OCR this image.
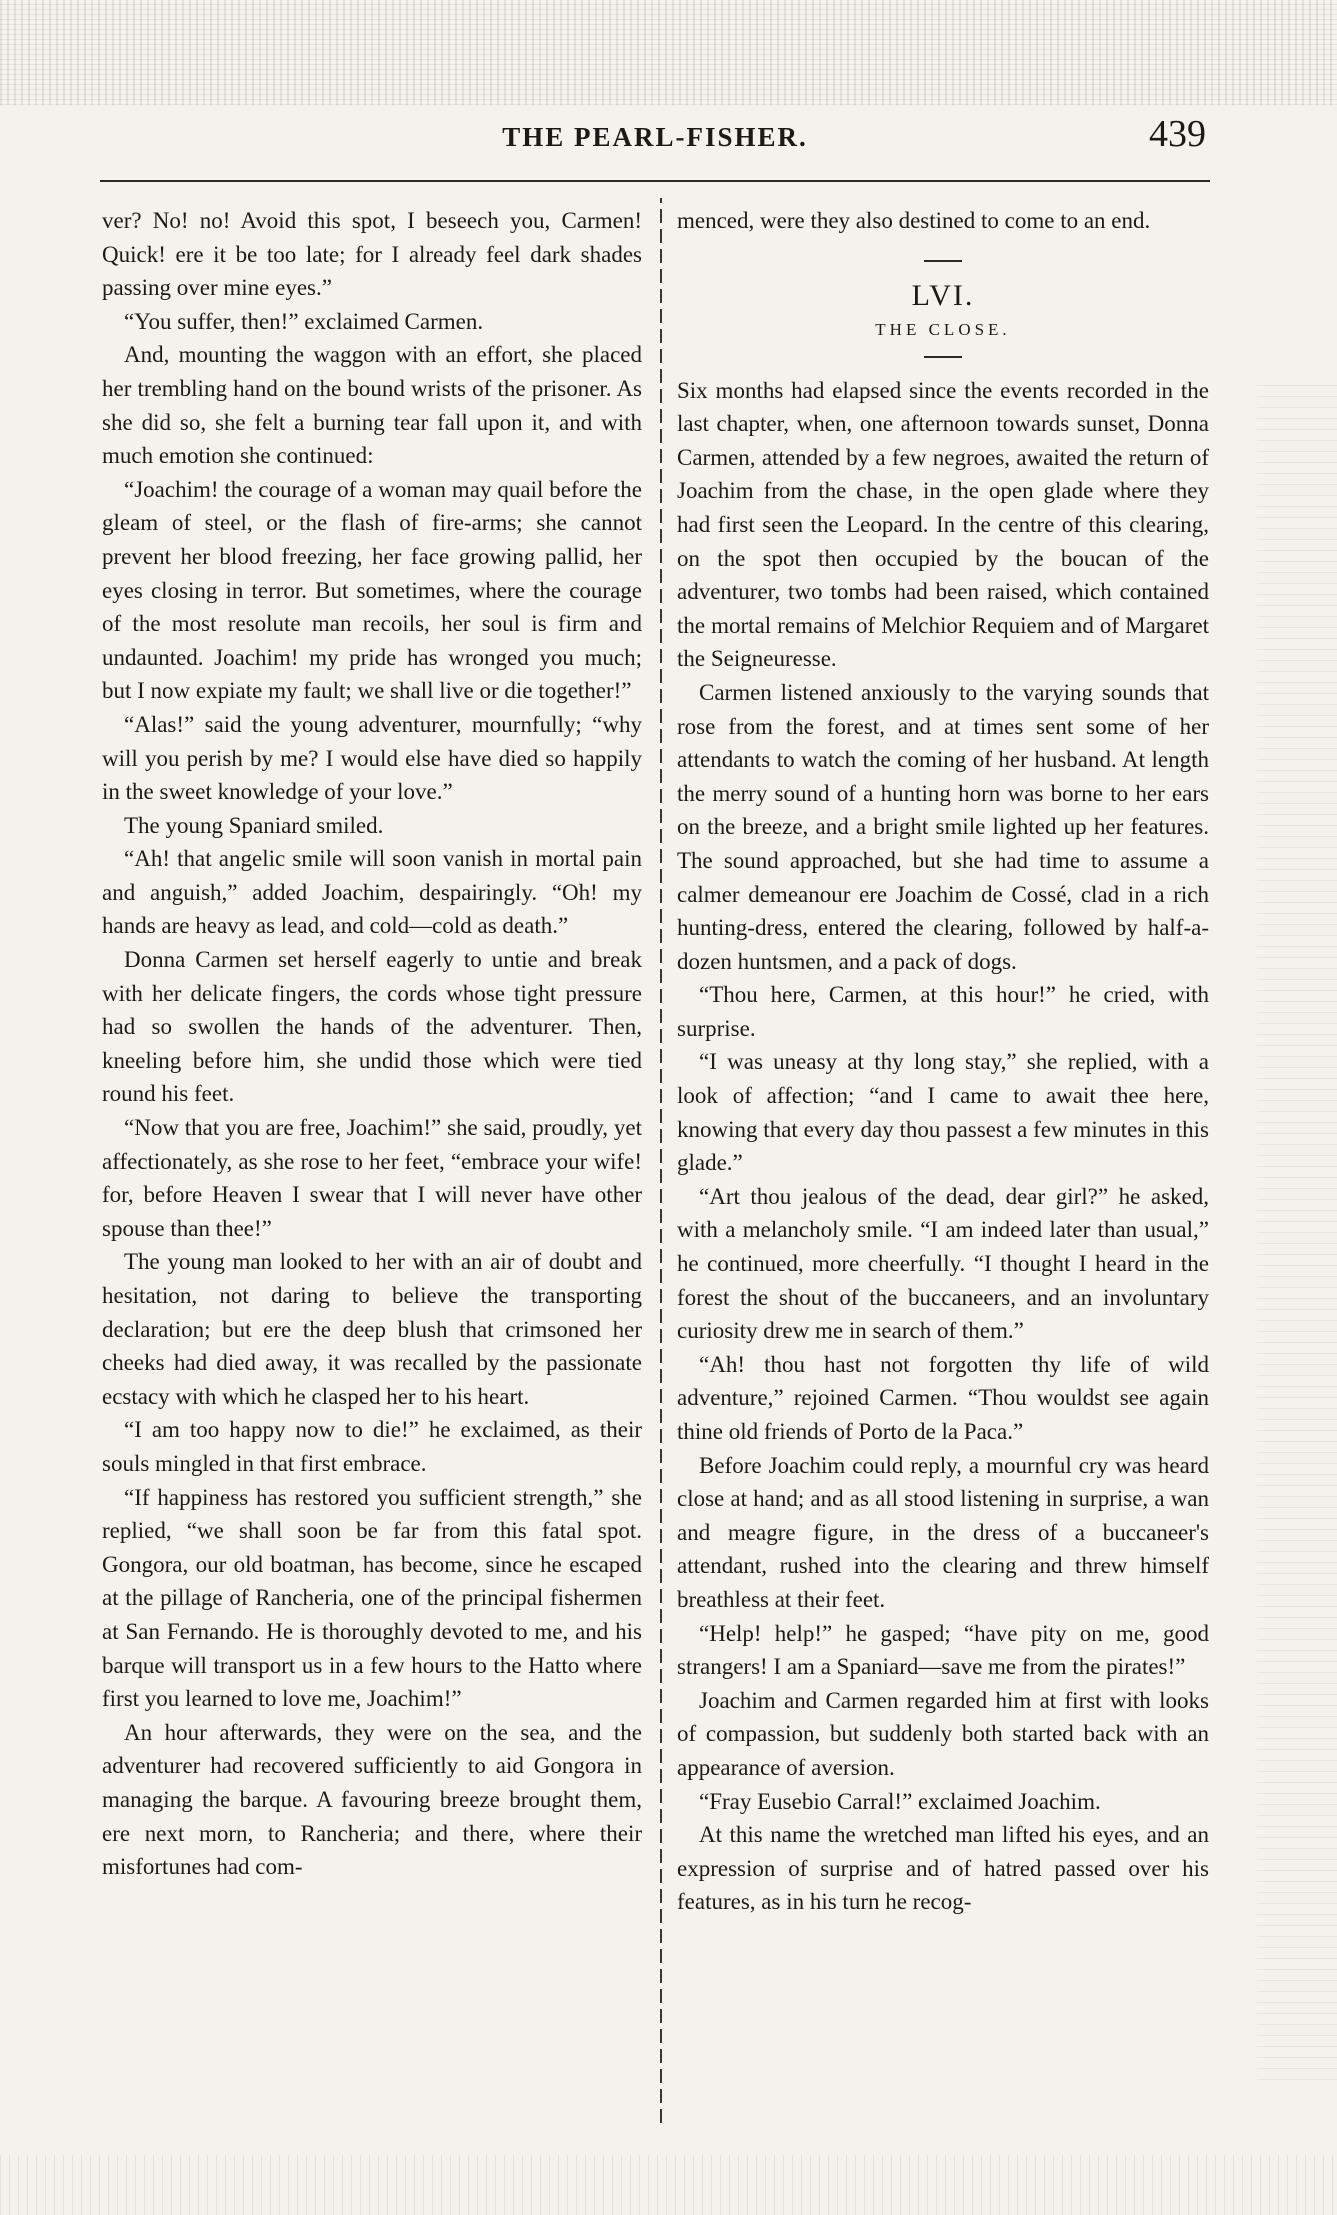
THE PEARL-FISHER.	439

ver? No! no! Avoid this spot, I beseech you, Carmen! Quick! ere it be too late; for I already feel dark shades passing over mine eyes.”

“You suffer, then!” exclaimed Carmen.

And, mounting the waggon with an effort, she placed her trembling hand on the bound wrists of the prisoner. As she did so, she felt a burning tear fall upon it, and with much emotion she continued:

“Joachim! the courage of a woman may quail before the gleam of steel, or the flash of fire-arms; she cannot prevent her blood freezing, her face growing pallid, her eyes closing in terror. But sometimes, where the courage of the most resolute man recoils, her soul is firm and undaunted. Joachim! my pride has wronged you much; but I now expiate my fault; we shall live or die together!”

“Alas!” said the young adventurer, mournfully; “why will you perish by me? I would else have died so happily in the sweet knowledge of your love.”

The young Spaniard smiled.

“Ah! that angelic smile will soon vanish in mortal pain and anguish,” added Joachim, despairingly. “Oh! my hands are heavy as lead, and cold—cold as death.”

Donna Carmen set herself eagerly to untie and break with her delicate fingers, the cords whose tight pressure had so swollen the hands of the adventurer. Then, kneeling before him, she undid those which were tied round his feet.

“Now that you are free, Joachim!” she said, proudly, yet affectionately, as she rose to her feet, “embrace your wife! for, before Heaven I swear that I will never have other spouse than thee!”

The young man looked to her with an air of doubt and hesitation, not daring to believe the transporting declaration; but ere the deep blush that crimsoned her cheeks had died away, it was recalled by the passionate ecstacy with which he clasped her to his heart.

“I am too happy now to die!” he exclaimed, as their souls mingled in that first embrace.

“If happiness has restored you sufficient strength,” she replied, “we shall soon be far from this fatal spot. Gongora, our old boatman, has become, since he escaped at the pillage of Rancheria, one of the principal fishermen at San Fernando. He is thoroughly devoted to me, and his barque will transport us in a few hours to the Hatto where first you learned to love me, Joachim!”

An hour afterwards, they were on the sea, and the adventurer had recovered sufficiently to aid Gongora in managing the barque. A favouring breeze brought them, ere next morn, to Rancheria; and there, where their misfortunes had com-

menced, were they also destined to come to an end.

LVI.
THE CLOSE.

Six months had elapsed since the events recorded in the last chapter, when, one afternoon towards sunset, Donna Carmen, attended by a few negroes, awaited the return of Joachim from the chase, in the open glade where they had first seen the Leopard. In the centre of this clearing, on the spot then occupied by the boucan of the adventurer, two tombs had been raised, which contained the mortal remains of Melchior Requiem and of Margaret the Seigneuresse.

Carmen listened anxiously to the varying sounds that rose from the forest, and at times sent some of her attendants to watch the coming of her husband. At length the merry sound of a hunting horn was borne to her ears on the breeze, and a bright smile lighted up her features. The sound approached, but she had time to assume a calmer demeanour ere Joachim de Cossé, clad in a rich hunting-dress, entered the clearing, followed by half-a-dozen huntsmen, and a pack of dogs.

“Thou here, Carmen, at this hour!” he cried, with surprise.

“I was uneasy at thy long stay,” she replied, with a look of affection; “and I came to await thee here, knowing that every day thou passest a few minutes in this glade.”

“Art thou jealous of the dead, dear girl?” he asked, with a melancholy smile. “I am indeed later than usual,” he continued, more cheerfully. “I thought I heard in the forest the shout of the buccaneers, and an involuntary curiosity drew me in search of them.”

“Ah! thou hast not forgotten thy life of wild adventure,” rejoined Carmen. “Thou wouldst see again thine old friends of Porto de la Paca.”

Before Joachim could reply, a mournful cry was heard close at hand; and as all stood listening in surprise, a wan and meagre figure, in the dress of a buccaneer's attendant, rushed into the clearing and threw himself breathless at their feet.

“Help! help!” he gasped; “have pity on me, good strangers! I am a Spaniard—save me from the pirates!”

Joachim and Carmen regarded him at first with looks of compassion, but suddenly both started back with an appearance of aversion.

“Fray Eusebio Carral!” exclaimed Joachim.

At this name the wretched man lifted his eyes, and an expression of surprise and of hatred passed over his features, as in his turn he recog-
